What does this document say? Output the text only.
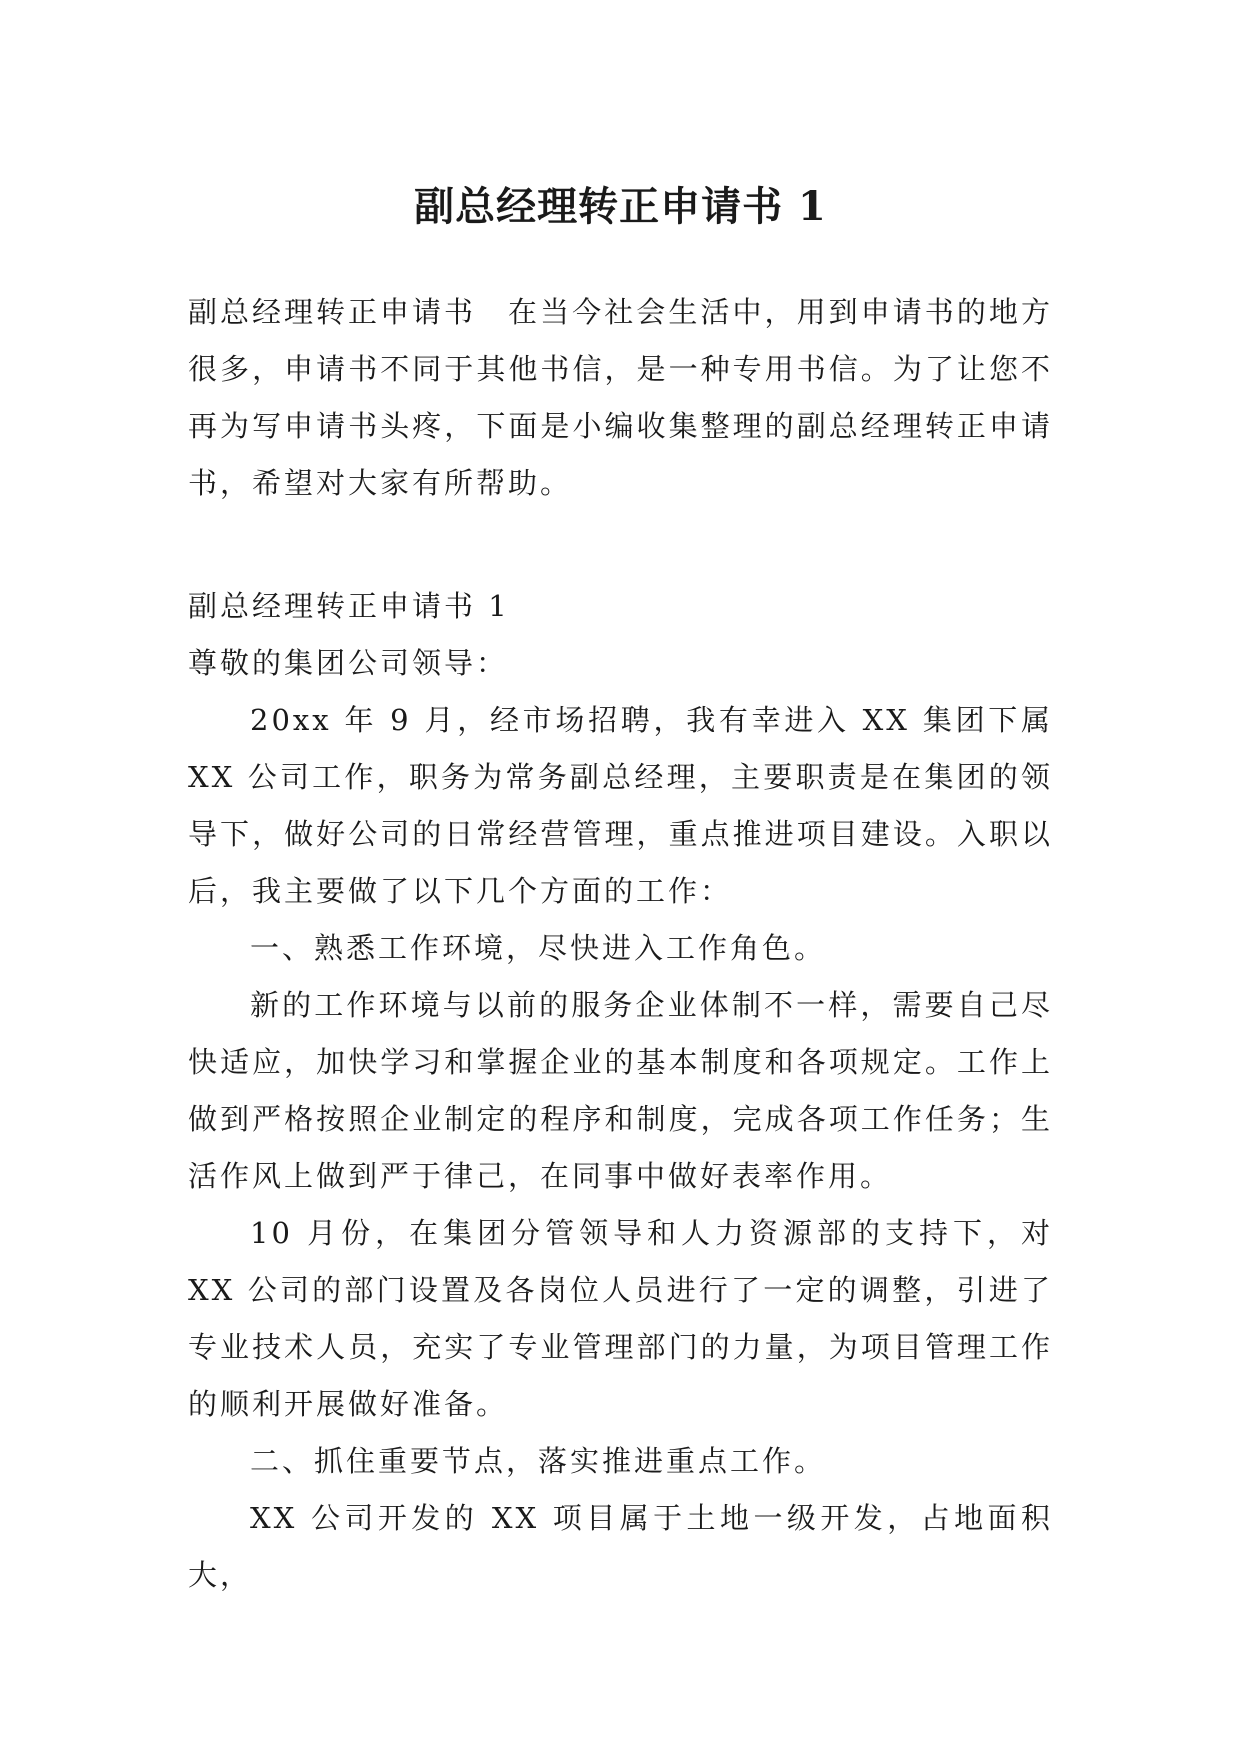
副总经理转正申请书 1

副总经理转正申请书 在当今社会生活中，用到申请书的地方很多，申请书不同于其他书信，是一种专用书信。为了让您不再为写申请书头疼，下面是小编收集整理的副总经理转正申请书，希望对大家有所帮助。

副总经理转正申请书 1

尊敬的集团公司领导：

20xx 年 9 月，经市场招聘，我有幸进入 XX 集团下属 XX 公司工作，职务为常务副总经理，主要职责是在集团的领导下，做好公司的日常经营管理，重点推进项目建设。入职以后，我主要做了以下几个方面的工作：

一、熟悉工作环境，尽快进入工作角色。

新的工作环境与以前的服务企业体制不一样，需要自己尽快适应，加快学习和掌握企业的基本制度和各项规定。工作上做到严格按照企业制定的程序和制度，完成各项工作任务；生活作风上做到严于律己，在同事中做好表率作用。

10 月份，在集团分管领导和人力资源部的支持下，对 XX 公司的部门设置及各岗位人员进行了一定的调整，引进了专业技术人员，充实了专业管理部门的力量，为项目管理工作的顺利开展做好准备。

二、抓住重要节点，落实推进重点工作。

XX 公司开发的 XX 项目属于土地一级开发，占地面积大，
